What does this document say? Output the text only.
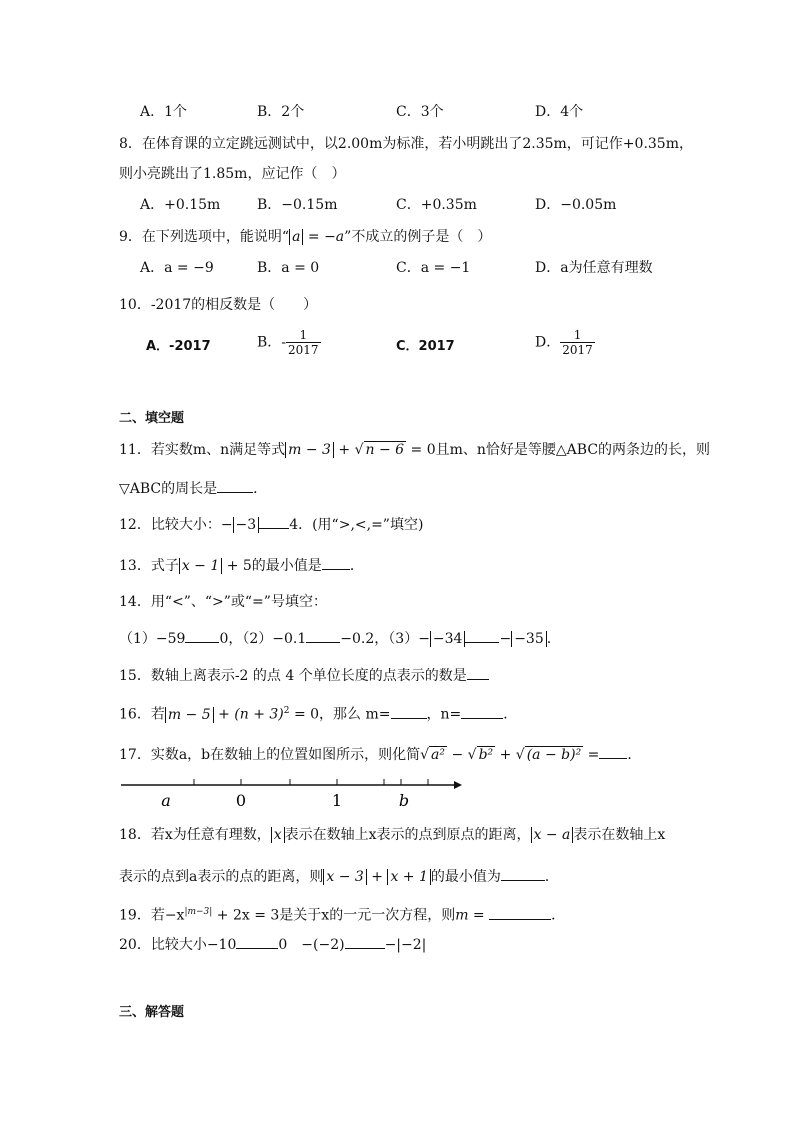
A．1个	B．2个	C．3个	D．4个
8．在体育课的立定跳远测试中，以2.00m为标准，若小明跳出了2.35m，可记作+0.35m，
则小亮跳出了1.85m，应记作（　）
A．+0.15m	B．−0.15m	C．+0.35m	D．−0.05m
9．在下列选项中，能说明“ a = −a”不成立的例子是（　）
A．a = −9	B．a = 0	C．a = −1	D．a为任意有理数
10．-2017的相反数是（　　）
A．-2017	B．- $\frac{1}{2017}$	C．2017	D． $\frac{1}{2017}$
二、填空题
11．若实数m、n满足等式 m − 3 + √ n − 6 = 0且m、n恰好是等腰△ABC的两条边的长，则
▽ABC的周长是	．
12．比较大小：− −3 4．(用“>,<,=”填空)
13．式子 x − 1 + 5的最小值是 ．
14．用“<”、“>”或“=”号填空：
（1）−59 0，（2）−0.1 −0.2，（3）− −34	− −35 .
15．数轴上离表示-2 的点 4 个单位长度的点表示的数是
16．若 $m - 5 + (n + 3)^2 = 0$，那么 m=	，n=	．
17．实数a，b在数轴上的位置如图所示，则化简√ a² − √ b² + √ (a − b)² = ．
a	0	1	b
18．若x为任意有理数， x 表示在数轴上x表示的点到原点的距离， x − a 表示在数轴上x
表示的点到a表示的点的距离，则 x − 3 + x + 1 的最小值为	．
19．若$-x^{|m-3|} + 2x = 3$是关于x的一元一次方程，则m =	．
20．比较大小−10	0　−(−2)	−|−2|
三、解答题
